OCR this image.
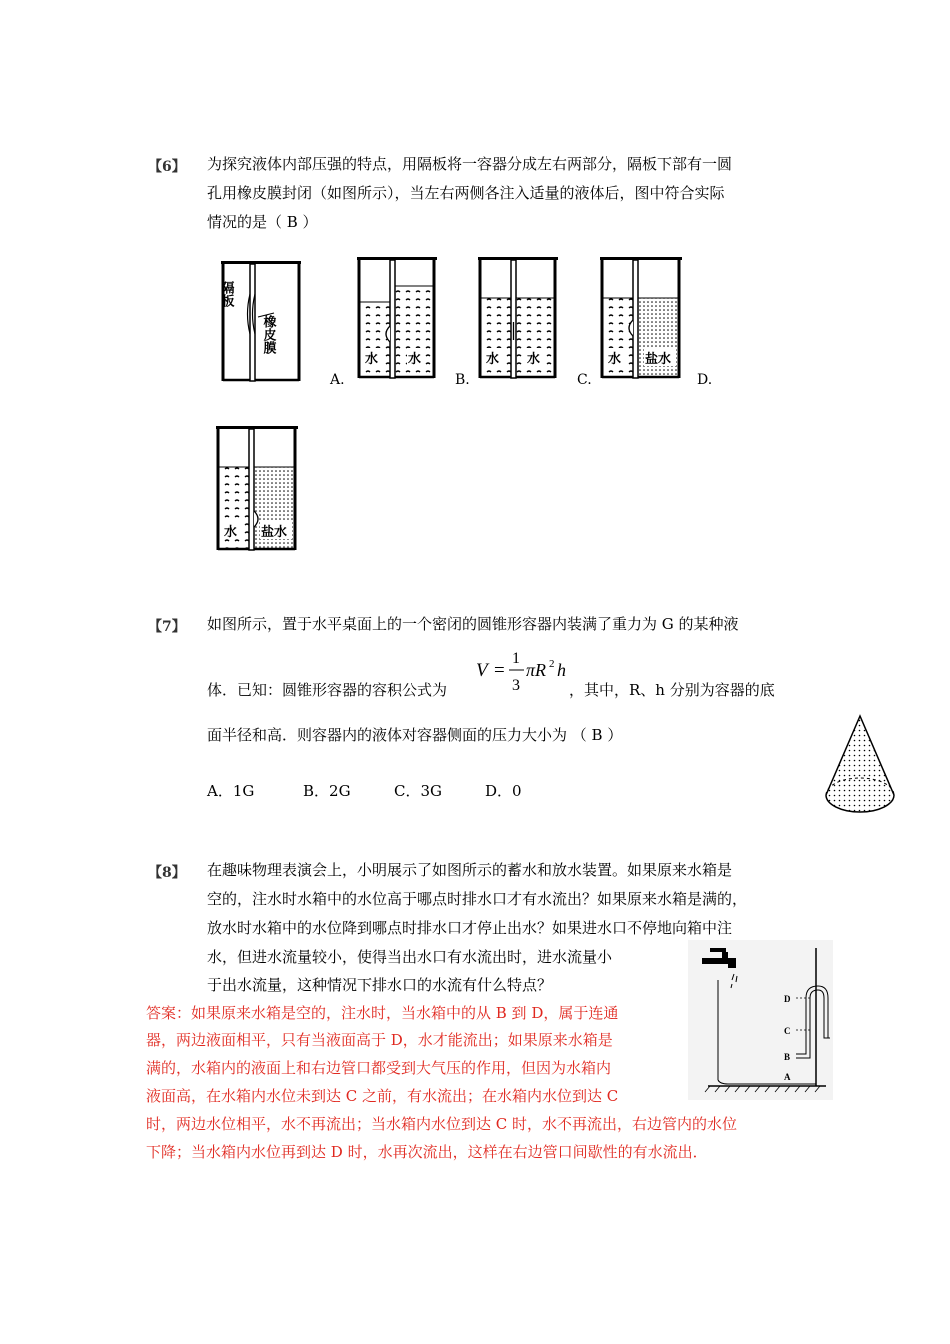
【6】 为探究液体内部压强的特点，用隔板将一容器分成左右两部分，隔板下部有一圆
孔用橡皮膜封闭（如图所示），当左右两侧各注入适量的液体后，图中符合实际
情况的是（ B ）
隔板
橡皮膜
水 水
A.
水 水
B.
水 盐水
C.	D.
水 盐水
【7】 如图所示，置于水平桌面上的一个密闭的圆锥形容器内装满了重力为 G 的某种液
体．已知：圆锥形容器的容积公式为
V =
1
3
πR 2 h
，其中，R、h 分别为容器的底
面半径和高．则容器内的液体对容器侧面的压力大小为 （ B ）
A．1G	B．2G	C．3G	D．0
【8】 在趣味物理表演会上，小明展示了如图所示的蓄水和放水装置。如果原来水箱是
空的，注水时水箱中的水位高于哪点时排水口才有水流出？如果原来水箱是满的，
放水时水箱中的水位降到哪点时排水口才停止出水？如果进水口不停地向箱中注
水，但进水流量较小，使得当出水口有水流出时，进水流量小
于出水流量，这种情况下排水口的水流有什么特点？
答案：如果原来水箱是空的，注水时，当水箱中的从 B 到 D，属于连通
器，两边液面相平，只有当液面高于 D，水才能流出；如果原来水箱是
满的，水箱内的液面上和右边管口都受到大气压的作用，但因为水箱内
液面高，在水箱内水位未到达 C 之前，有水流出；在水箱内水位到达 C
时，两边水位相平，水不再流出；当水箱内水位到达 C 时，水不再流出，右边管内的水位
下降；当水箱内水位再到达 D 时，水再次流出，这样在右边管口间歇性的有水流出．
D
C
B
A
